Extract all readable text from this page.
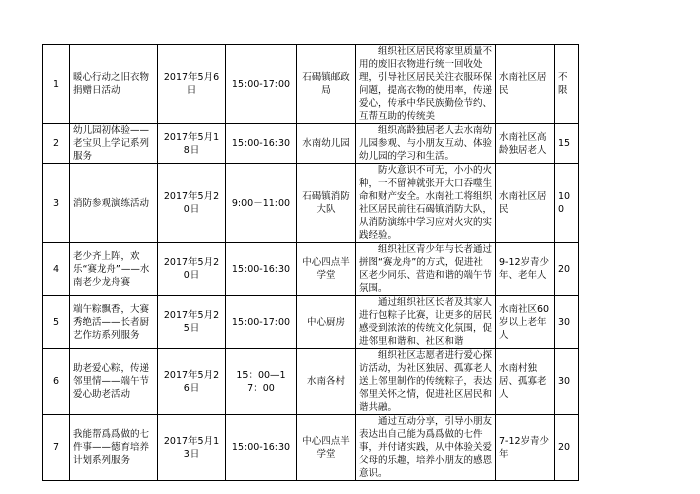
1	暖心行动之旧衣物捐赠日活动	2017年5月6日	15:00-17:00	石碣镇邮政局	组织社区居民将家里质量不用的废旧衣物进行统一回收处理，引导社区居民关注衣服环保问题，提高衣物的使用率，传递爱心，传承中华民族勤俭节约、互帮互助的传统美	水南社区居民	不限
2	幼儿园初体验——老宝贝上学记系列服务	2017年5月18日	15:00-16:30	水南幼儿园	组织高龄独居老人去水南幼儿园参观、与小朋友互动、体验幼儿园的学习和生活。	水南社区高龄独居老人	15
3	消防参观演练活动	2017年5月20日	9:00－11:00	石碣镇消防大队	防火意识不可无，小小的火种，一不留神就张开大口吞噬生命和财产安全。水南社工将组织社区居民前往石碣镇消防大队，从消防演练中学习应对火灾的实践经验。	水南社区居民	100
4	老少齐上阵，欢乐“赛龙舟”——水南老少龙舟赛	2017年5月20日	15:00-16:30	中心四点半学堂	组织社区青少年与长者通过拼图“赛龙舟”的方式，促进社区老少同乐、营造和谐的端午节氛围。	9-12岁青少年、老年人	20
5	端午粽飘香，大赛秀绝活——长者厨艺作坊系列服务	2017年5月25日	15:00-17:00	中心厨房	通过组织社区长者及其家人进行包粽子比赛，让更多的居民感受到浓浓的传统文化氛围，促进邻里和谐和、社区和谐	水南社区60岁以上老年人	30
6	助老爱心粽，传递邻里情——端午节爱心助老活动	2017年5月26日	15：00—17：00	水南各村	组织社区志愿者进行爱心探访活动，为社区独居、孤寡老人送上邻里制作的传统粽子，表达邻里关怀之情，促进社区居民和谐共融。	水南村独居、孤寡老人	30
7	我能帮爲爲做的七件事——德育培养计划系列服务	2017年5月13日	15:00-16:30	中心四点半学堂	通过互动分享，引导小朋友表达出自己能为爲爲做的七件事，并付诸实践，从中体验关爱父母的乐趣，培养小朋友的感恩意识。	7-12岁青少年	20
